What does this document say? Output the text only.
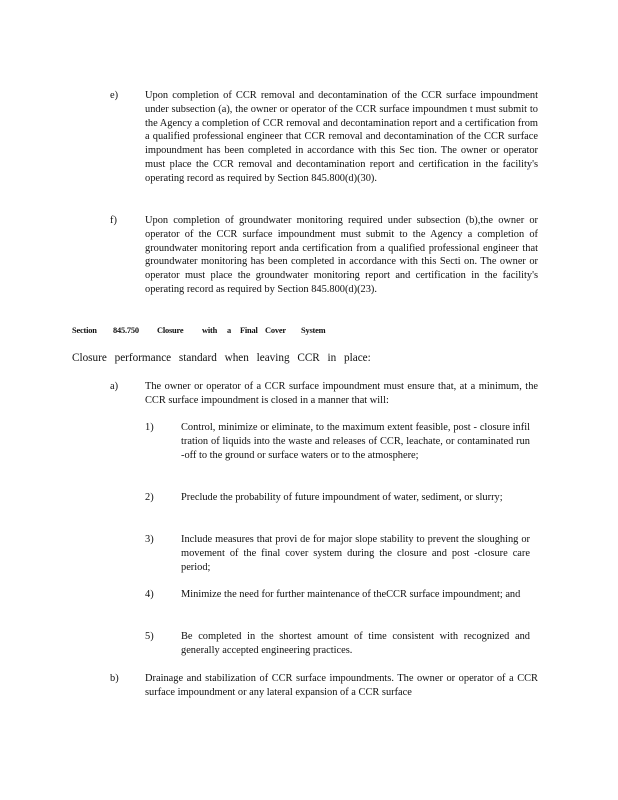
e)	Upon completion of CCR removal and decontamination of the CCR surface impoundment under subsection (a), the owner or operator of the CCR surface impoundmen t must submit to the Agency a completion of CCR removal and decontamination report and a certification from a qualified professional engineer that CCR removal and decontamination of the CCR surface impoundment has been completed in accordance with this Sec tion. The owner or operator must place the CCR removal and decontamination report and certification in the facility's operating record as required by Section 845.800(d)(30).
f)	Upon completion of groundwater monitoring required under subsection (b),the owner or operator of the CCR surface impoundment must submit to the Agency a completion of groundwater monitoring report anda certification from a qualified professional engineer that groundwater monitoring has been completed in accordance with this Secti on. The owner or operator must place the groundwater monitoring report and certification in the facility's operating record as required by Section 845.800(d)(23).
Section 845.750 Closure with a Final Cover System
Closure performance standard when leaving CCR in place:
a)	The owner or operator of a CCR surface impoundment must ensure that, at a minimum, the CCR surface impoundment is closed in a manner that will:
1)	Control, minimize or eliminate, to the maximum extent feasible, post - closure infil tration of liquids into the waste and releases of CCR, leachate, or contaminated run -off to the ground or surface waters or to the atmosphere;
2)	Preclude the probability of future impoundment of water, sediment, or slurry;
3)	Include measures that provi de for major slope stability to prevent the sloughing or movement of the final cover system during the closure and post -closure care period;
4)	Minimize the need for further maintenance of theCCR surface impoundment; and
5)	Be completed in the shortest amount of time consistent with recognized and generally accepted engineering practices.
b)	Drainage and stabilization of CCR surface impoundments. The owner or operator of a CCR surface impoundment or any lateral expansion of a CCR surface
